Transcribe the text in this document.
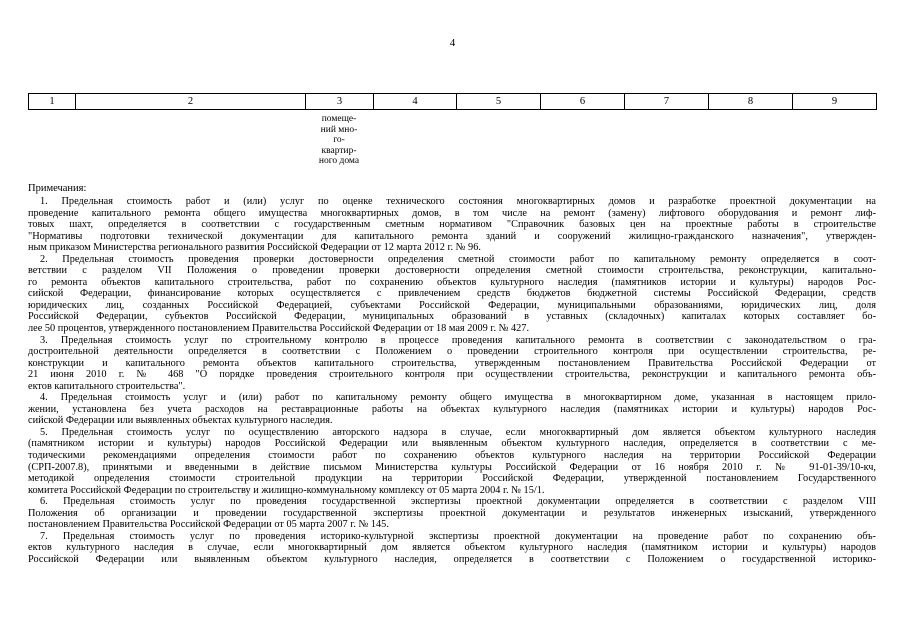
4
1	2	3	4	5	6	7	8	9
помеще-
ний мно-
го-
квартир-
ного дома
Примечания:
1. Предельная стоимость работ и (или) услуг по оценке технического состояния многоквартирных домов и разработке проектной документации на
проведение капитального ремонта общего имущества многоквартирных домов, в том числе на ремонт (замену) лифтового оборудования и ремонт лиф-
товых шахт, определяется в соответствии с государственным сметным нормативом "Справочник базовых цен на проектные работы в строительстве
"Нормативы подготовки технической документации для капитального ремонта зданий и сооружений жилищно-гражданского назначения", утвержден-
ным приказом Министерства регионального развития Российской Федерации от 12 марта 2012 г. № 96.
2. Предельная стоимость проведения проверки достоверности определения сметной стоимости работ по капитальному ремонту определяется в соот-
ветствии с разделом VII Положения о проведении проверки достоверности определения сметной стоимости строительства, реконструкции, капитально-
го ремонта объектов капитального строительства, работ по сохранению объектов культурного наследия (памятников истории и культуры) народов Рос-
сийской Федерации, финансирование которых осуществляется с привлечением средств бюджетов бюджетной системы Российской Федерации, средств
юридических лиц, созданных Российской Федерацией, субъектами Российской Федерации, муниципальными образованиями, юридических лиц, доля
Российской Федерации, субъектов Российской Федерации, муниципальных образований в уставных (складочных) капиталах которых составляет бо-
лее 50 процентов, утвержденного постановлением Правительства Российской Федерации от 18 мая 2009 г. № 427.
3. Предельная стоимость услуг по строительному контролю в процессе проведения капитального ремонта в соответствии с законодательством о гра-
достроительной деятельности определяется в соответствии с Положением о проведении строительного контроля при осуществлении строительства, ре-
конструкции и капитального ремонта объектов капитального строительства, утвержденным постановлением Правительства Российской Федерации от
21 июня 2010 г. № 468 "О порядке проведения строительного контроля при осуществлении строительства, реконструкции и капитального ремонта объ-
ектов капитального строительства".
4. Предельная стоимость услуг и (или) работ по капитальному ремонту общего имущества в многоквартирном доме, указанная в настоящем прило-
жении, установлена без учета расходов на реставрационные работы на объектах культурного наследия (памятниках истории и культуры) народов Рос-
сийской Федерации или выявленных объектах культурного наследия.
5. Предельная стоимость услуг по осуществлению авторского надзора в случае, если многоквартирный дом является объектом культурного наследия
(памятником истории и культуры) народов Российской Федерации или выявленным объектом культурного наследия, определяется в соответствии с ме-
тодическими рекомендациями определения стоимости работ по сохранению объектов культурного наследия на территории Российской Федерации
(СРП-2007.8), принятыми и введенными в действие письмом Министерства культуры Российской Федерации от 16 ноября 2010 г. № 91-01-39/10-кч,
методикой определения стоимости строительной продукции на территории Российской Федерации, утвержденной постановлением Государственного
комитета Российской Федерации по строительству и жилищно-коммунальному комплексу от 05 марта 2004 г. № 15/1.
6. Предельная стоимость услуг по проведения государственной экспертизы проектной документации определяется в соответствии с разделом VIII
Положения об организации и проведении государственной экспертизы проектной документации и результатов инженерных изысканий, утвержденного
постановлением Правительства Российской Федерации от 05 марта 2007 г. № 145.
7. Предельная стоимость услуг по проведения историко-культурной экспертизы проектной документации на проведение работ по сохранению объ-
ектов культурного наследия в случае, если многоквартирный дом является объектом культурного наследия (памятником истории и культуры) народов
Российской Федерации или выявленным объектом культурного наследия, определяется в соответствии с Положением о государственной историко-
